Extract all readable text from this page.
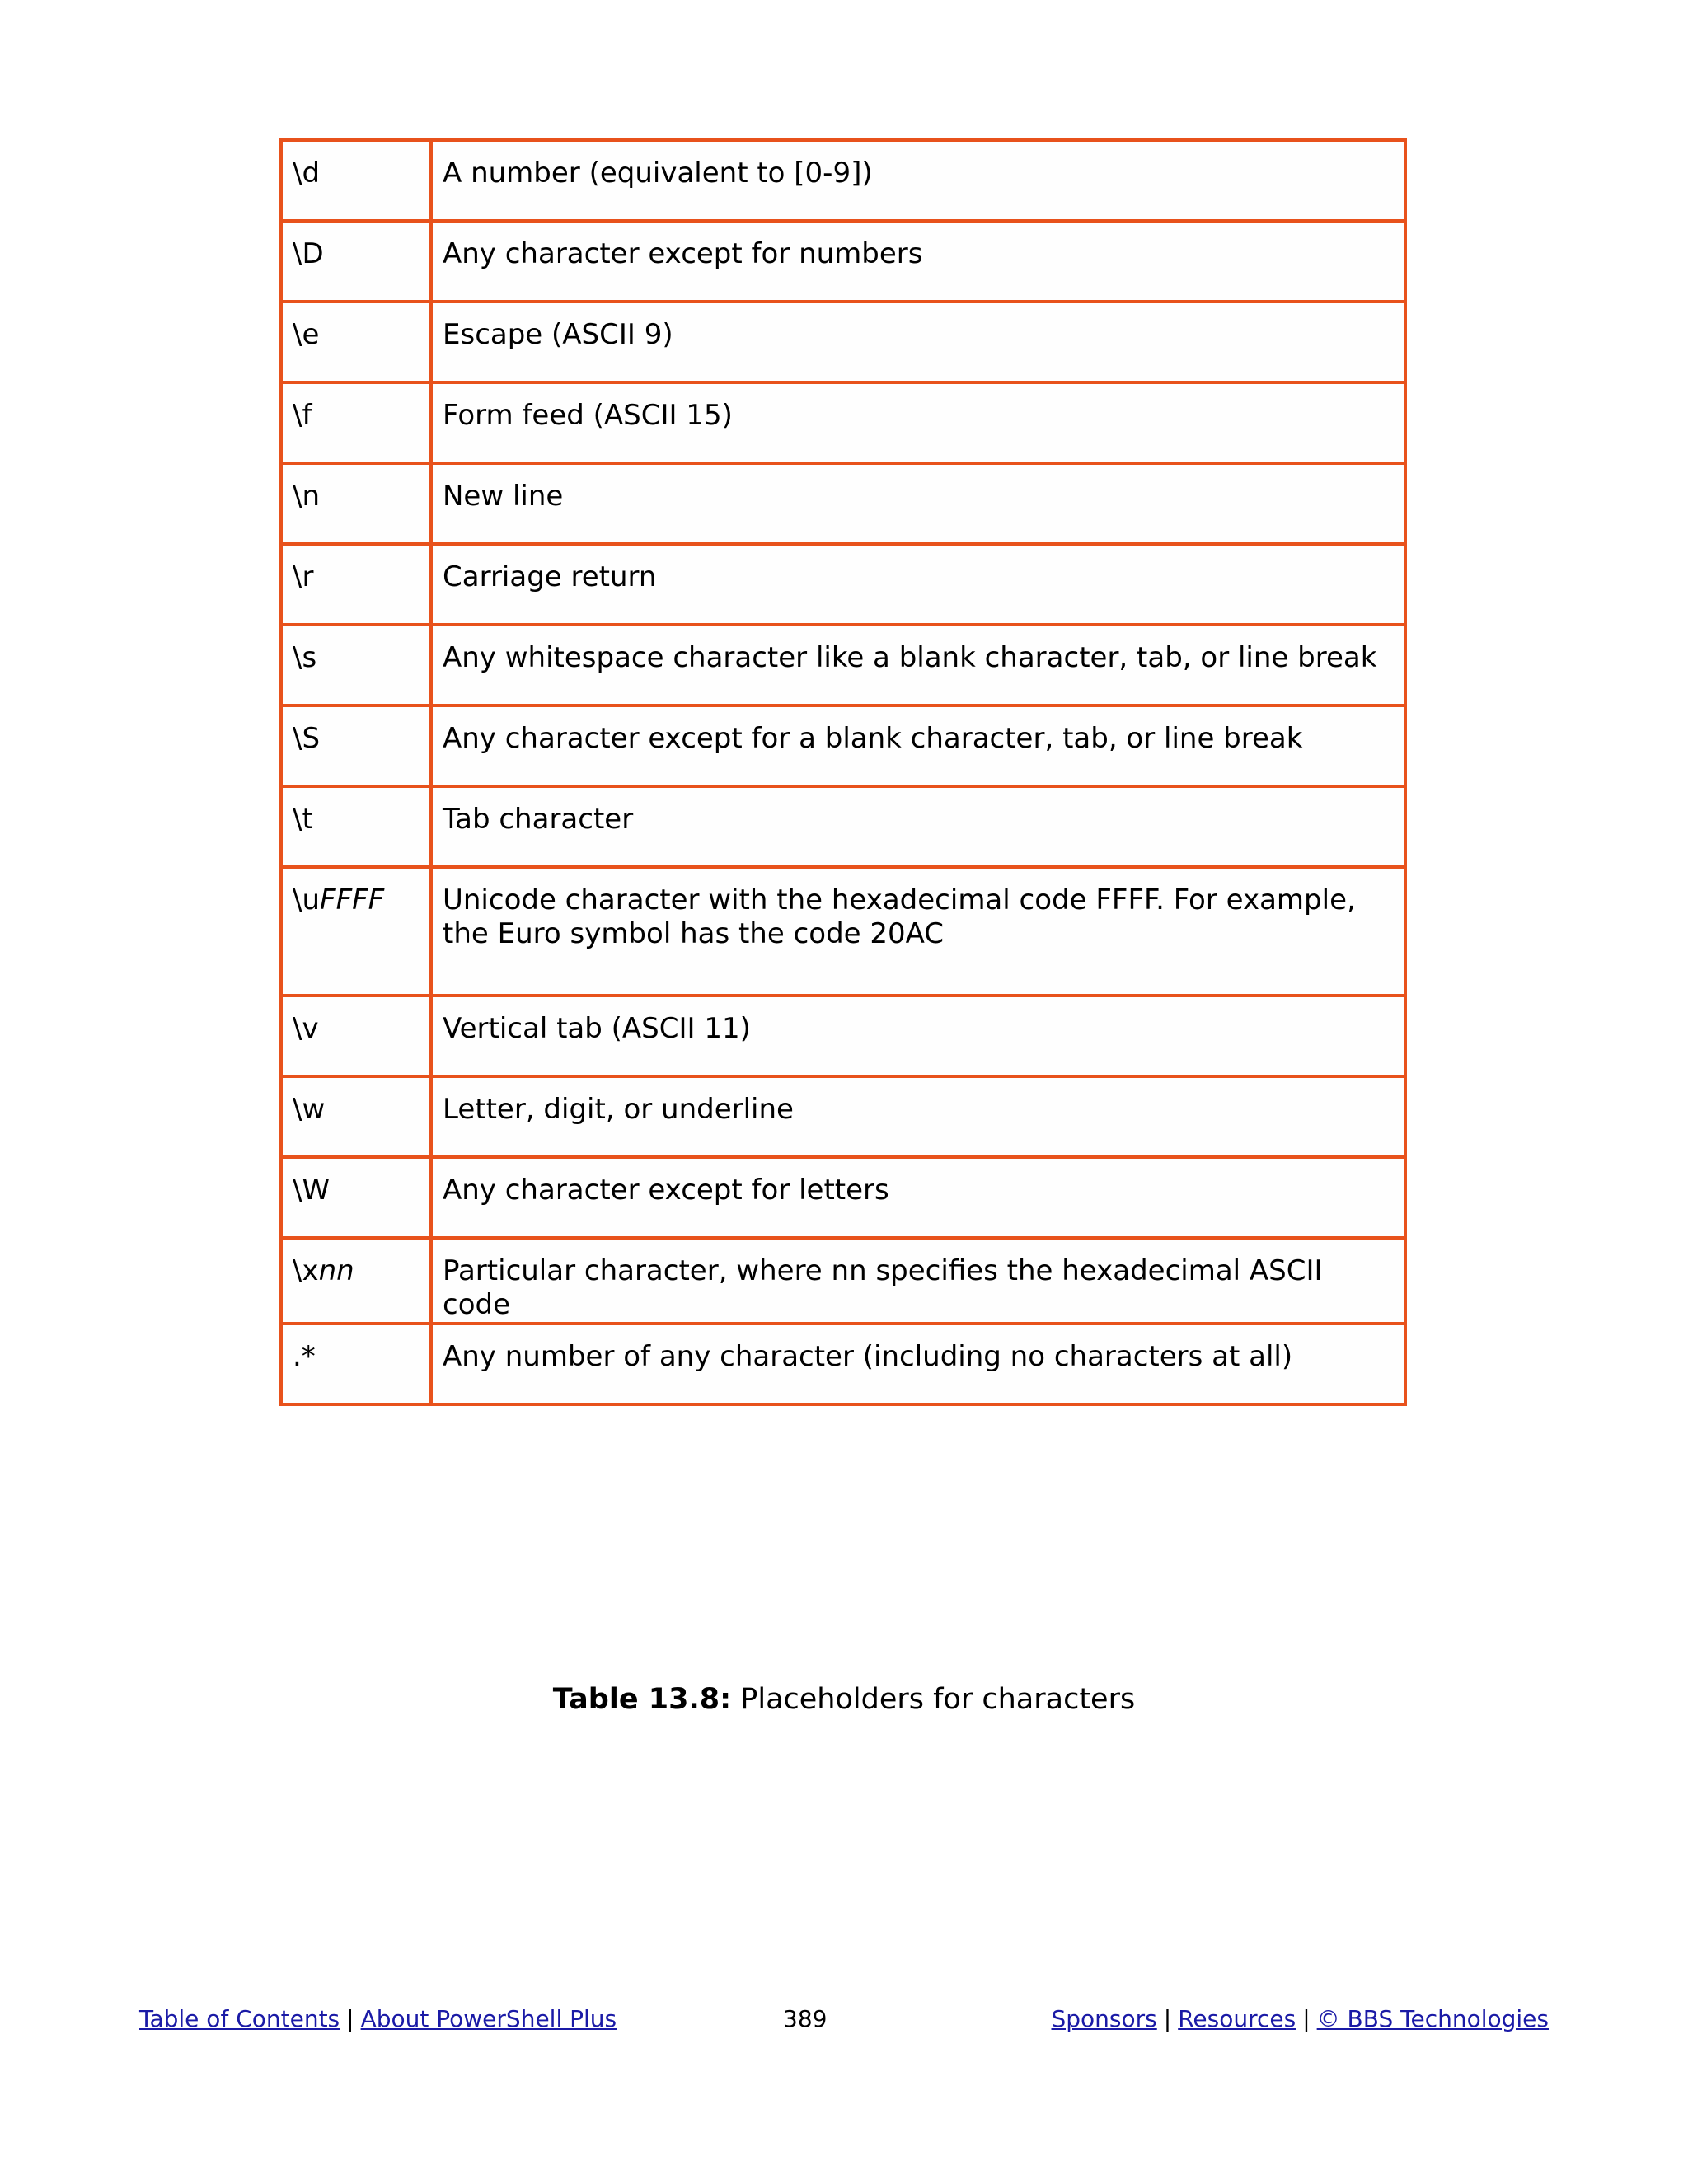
\d	A number (equivalent to [0-9])
\D	Any character except for numbers
\e	Escape (ASCII 9)
\f	Form feed (ASCII 15)
\n	New line
\r	Carriage return
\s	Any whitespace character like a blank character, tab, or line break
\S	Any character except for a blank character, tab, or line break
\t	Tab character
\uFFFF	Unicode character with the hexadecimal code FFFF. For example, the Euro symbol has the code 20AC
\v	Vertical tab (ASCII 11)
\w	Letter, digit, or underline
\W	Any character except for letters
\xnn	Particular character, where nn specifies the hexadecimal ASCII code
.*	Any number of any character (including no characters at all)
Table 13.8: Placeholders for characters
Table of Contents | About PowerShell Plus	389	Sponsors | Resources | © BBS Technologies
